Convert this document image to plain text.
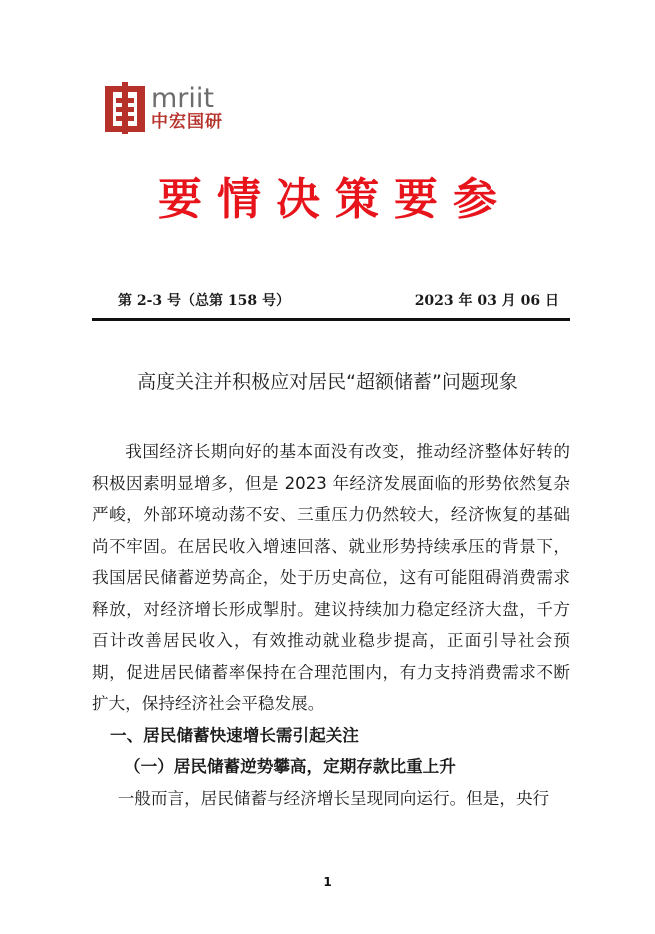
mriit
中宏国研
要情决策要参
第 2-3 号（总第 158 号）	2023 年 03 月 06 日
高度关注并积极应对居民“超额储蓄”问题现象

我国经济长期向好的基本面没有改变，推动经济整体好转的积极因素明显增多，但是 2023 年经济发展面临的形势依然复杂严峻，外部环境动荡不安、三重压力仍然较大，经济恢复的基础尚不牢固。在居民收入增速回落、就业形势持续承压的背景下，我国居民储蓄逆势高企，处于历史高位，这有可能阻碍消费需求释放，对经济增长形成掣肘。建议持续加力稳定经济大盘，千方百计改善居民收入，有效推动就业稳步提高，正面引导社会预期，促进居民储蓄率保持在合理范围内，有力支持消费需求不断扩大，保持经济社会平稳发展。

一、居民储蓄快速增长需引起关注

（一）居民储蓄逆势攀高，定期存款比重上升

一般而言，居民储蓄与经济增长呈现同向运行。但是，央行

1
